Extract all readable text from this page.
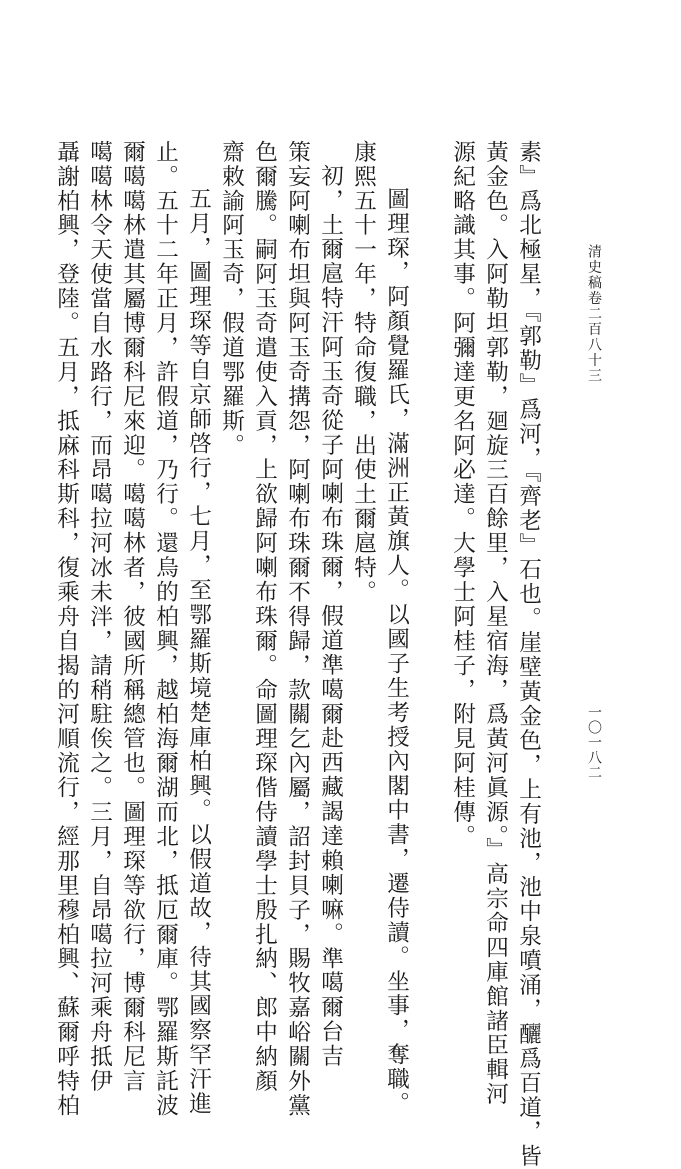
清史稿卷二百八十三
一〇一八二
素』爲北極星，『郭勒』爲河，『齊老』石也。崖壁黃金色，上有池，池中泉噴涌，釃爲百道，皆
黃金色。入阿勒坦郭勒，廻旋三百餘里，入星宿海，爲黃河眞源。』高宗命四庫館諸臣輯河
源紀略識其事。阿彌達更名阿必達。大學士阿桂子，附見阿桂傳。
圖理琛，阿顏覺羅氏，滿洲正黃旗人。以國子生考授內閣中書，遷侍讀。坐事，奪職。
康熙五十一年，特命復職，出使土爾扈特。
初，土爾扈特汗阿玉奇從子阿喇布珠爾，假道準噶爾赴西藏謁達賴喇嘛。準噶爾台吉
策妄阿喇布坦與阿玉奇搆怨，阿喇布珠爾不得歸，款關乞內屬，詔封貝子，賜牧嘉峪關外黨
色爾騰。嗣阿玉奇遣使入貢，上欲歸阿喇布珠爾。命圖理琛偕侍讀學士殷扎納、郎中納顏
齋敕諭阿玉奇，假道鄂羅斯。
五月，圖理琛等自京師啓行，七月，至鄂羅斯境楚庫柏興。以假道故，待其國察罕汗進
止。五十二年正月，許假道，乃行。還烏的柏興，越柏海爾湖而北，抵厄爾庫。鄂羅斯託波
爾噶噶林遣其屬博爾科尼來迎。噶噶林者，彼國所稱總管也。圖理琛等欲行，博爾科尼言
噶噶林令天使當自水路行，而昂噶拉河冰未泮，請稍駐俟之。三月，自昂噶拉河乘舟抵伊
聶謝柏興，登陸。五月，抵麻科斯科，復乘舟自揭的河順流行，經那里穆柏興、蘇爾呼特柏
